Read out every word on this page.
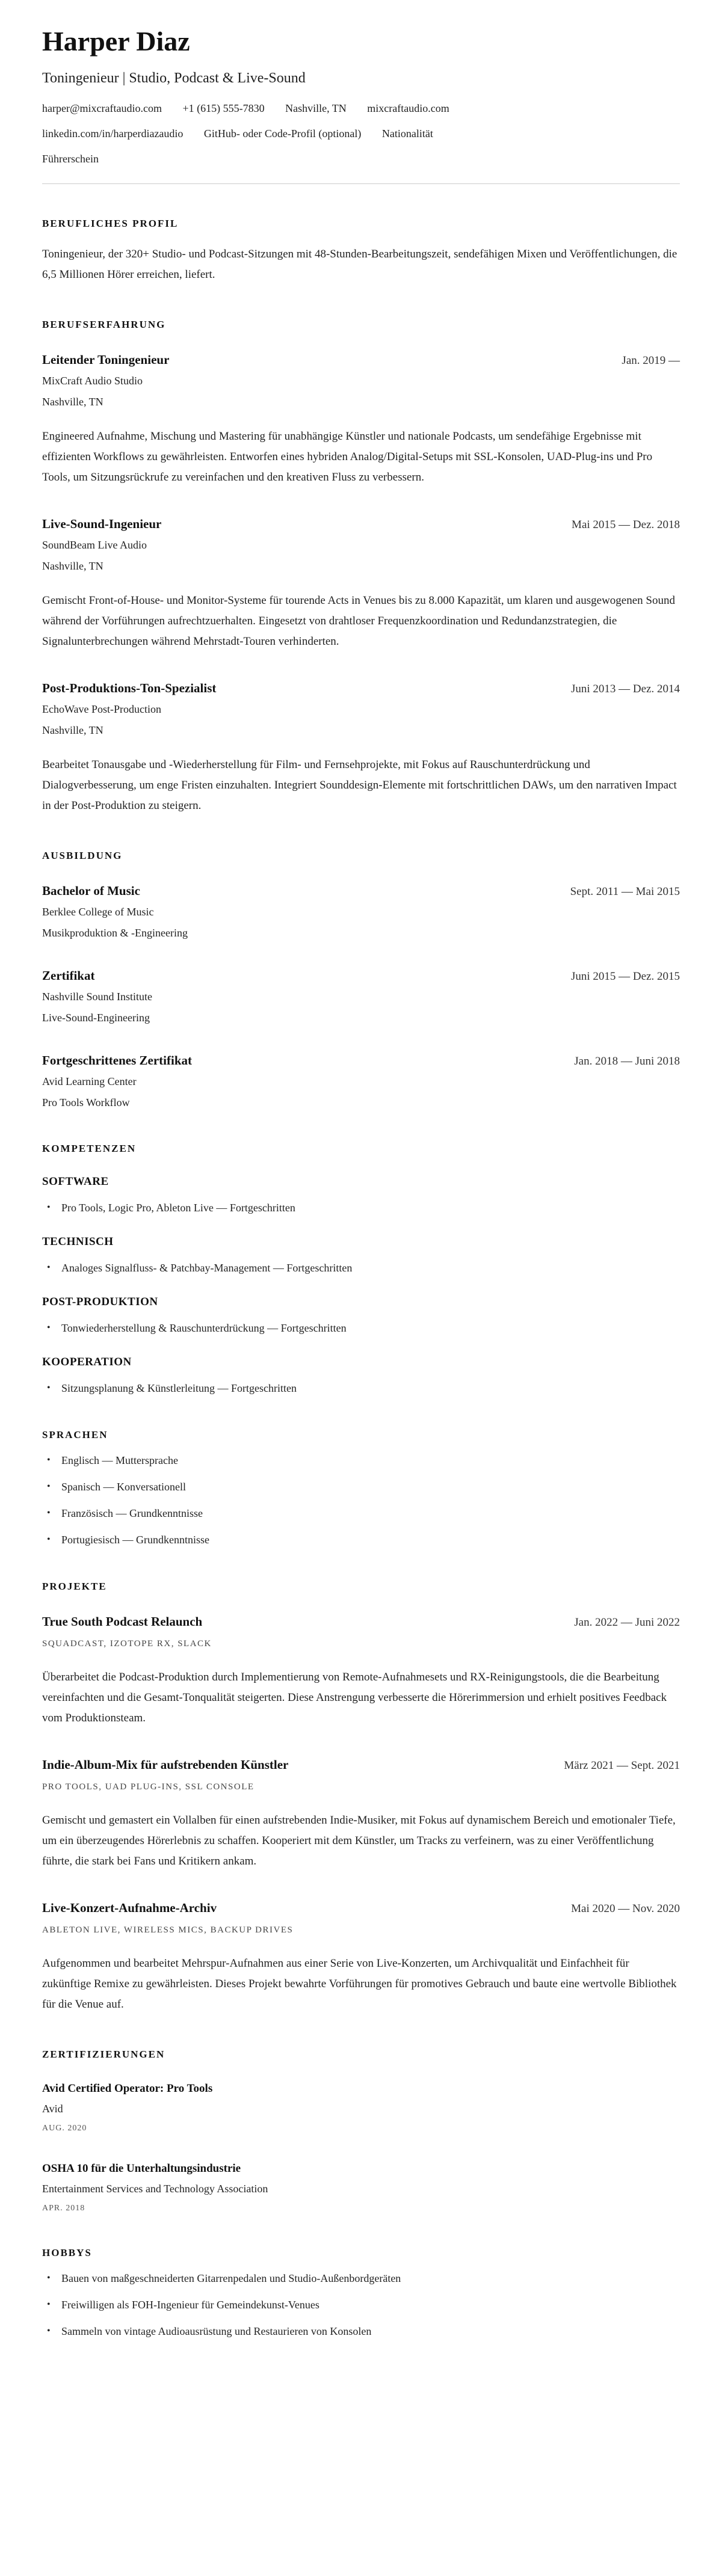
Harper Diaz

Toningenieur | Studio, Podcast & Live-Sound

harper@mixcraftaudio.com +1 (615) 555-7830 Nashville, TN mixcraftaudio.com
linkedin.com/in/harperdiazaudio GitHub- oder Code-Profil (optional) Nationalität
Führerschein
BERUFLICHES PROFIL

Toningenieur, der 320+ Studio- und Podcast-Sitzungen mit 48-Stunden-Bearbeitungszeit, sendefähigen Mixen und Veröffentlichungen, die 6,5 Millionen Hörer erreichen, liefert.

BERUFSERFAHRUNG
Leitender Toningenieur	Jan. 2019 —

MixCraft Audio Studio

Nashville, TN

Engineered Aufnahme, Mischung und Mastering für unabhängige Künstler und nationale Podcasts, um sendefähige Ergebnisse mit effizienten Workflows zu gewährleisten. Entworfen eines hybriden Analog/Digital-Setups mit SSL-Konsolen, UAD-Plug-ins und Pro Tools, um Sitzungsrückrufe zu vereinfachen und den kreativen Fluss zu verbessern.

Live-Sound-Ingenieur	Mai 2015 — Dez. 2018

SoundBeam Live Audio

Nashville, TN

Gemischt Front-of-House- und Monitor-Systeme für tourende Acts in Venues bis zu 8.000 Kapazität, um klaren und ausgewogenen Sound während der Vorführungen aufrechtzuerhalten. Eingesetzt von drahtloser Frequenzkoordination und Redundanzstrategien, die Signalunterbrechungen während Mehrstadt-Touren verhinderten.

Post-Produktions-Ton-Spezialist	Juni 2013 — Dez. 2014

EchoWave Post-Production

Nashville, TN

Bearbeitet Tonausgabe und -Wiederherstellung für Film- und Fernsehprojekte, mit Fokus auf Rauschunterdrückung und Dialogverbesserung, um enge Fristen einzuhalten. Integriert Sounddesign-Elemente mit fortschrittlichen DAWs, um den narrativen Impact in der Post-Produktion zu steigern.

AUSBILDUNG
Bachelor of Music	Sept. 2011 — Mai 2015

Berklee College of Music

Musikproduktion & -Engineering

Zertifikat	Juni 2015 — Dez. 2015

Nashville Sound Institute

Live-Sound-Engineering

Fortgeschrittenes Zertifikat	Jan. 2018 — Juni 2018

Avid Learning Center

Pro Tools Workflow

KOMPETENZEN
SOFTWARE
• Pro Tools, Logic Pro, Ableton Live — Fortgeschritten
TECHNISCH
• Analoges Signalfluss- & Patchbay-Management — Fortgeschritten
POST-PRODUKTION
• Tonwiederherstellung & Rauschunterdrückung — Fortgeschritten
KOOPERATION
• Sitzungsplanung & Künstlerleitung — Fortgeschritten
SPRACHEN
• Englisch — Muttersprache
• Spanisch — Konversationell
• Französisch — Grundkenntnisse
• Portugiesisch — Grundkenntnisse
PROJEKTE
True South Podcast Relaunch	Jan. 2022 — Juni 2022

SQUADCAST, IZOTOPE RX, SLACK

Überarbeitet die Podcast-Produktion durch Implementierung von Remote-Aufnahmesets und RX-Reinigungstools, die die Bearbeitung vereinfachten und die Gesamt-Tonqualität steigerten. Diese Anstrengung verbesserte die Hörerimmersion und erhielt positives Feedback vom Produktionsteam.

Indie-Album-Mix für aufstrebenden Künstler	März 2021 — Sept. 2021

PRO TOOLS, UAD PLUG-INS, SSL CONSOLE

Gemischt und gemastert ein Vollalben für einen aufstrebenden Indie-Musiker, mit Fokus auf dynamischem Bereich und emotionaler Tiefe, um ein überzeugendes Hörerlebnis zu schaffen. Kooperiert mit dem Künstler, um Tracks zu verfeinern, was zu einer Veröffentlichung führte, die stark bei Fans und Kritikern ankam.

Live-Konzert-Aufnahme-Archiv	Mai 2020 — Nov. 2020

ABLETON LIVE, WIRELESS MICS, BACKUP DRIVES

Aufgenommen und bearbeitet Mehrspur-Aufnahmen aus einer Serie von Live-Konzerten, um Archivqualität und Einfachheit für zukünftige Remixe zu gewährleisten. Dieses Projekt bewahrte Vorführungen für promotives Gebrauch und baute eine wertvolle Bibliothek für die Venue auf.

ZERTIFIZIERUNGEN
Avid Certified Operator: Pro Tools

Avid

AUG. 2020

OSHA 10 für die Unterhaltungsindustrie

Entertainment Services and Technology Association

APR. 2018

HOBBYS
• Bauen von maßgeschneiderten Gitarrenpedalen und Studio-Außenbordgeräten
• Freiwilligen als FOH-Ingenieur für Gemeindekunst-Venues
• Sammeln von vintage Audioausrüstung und Restaurieren von Konsolen
